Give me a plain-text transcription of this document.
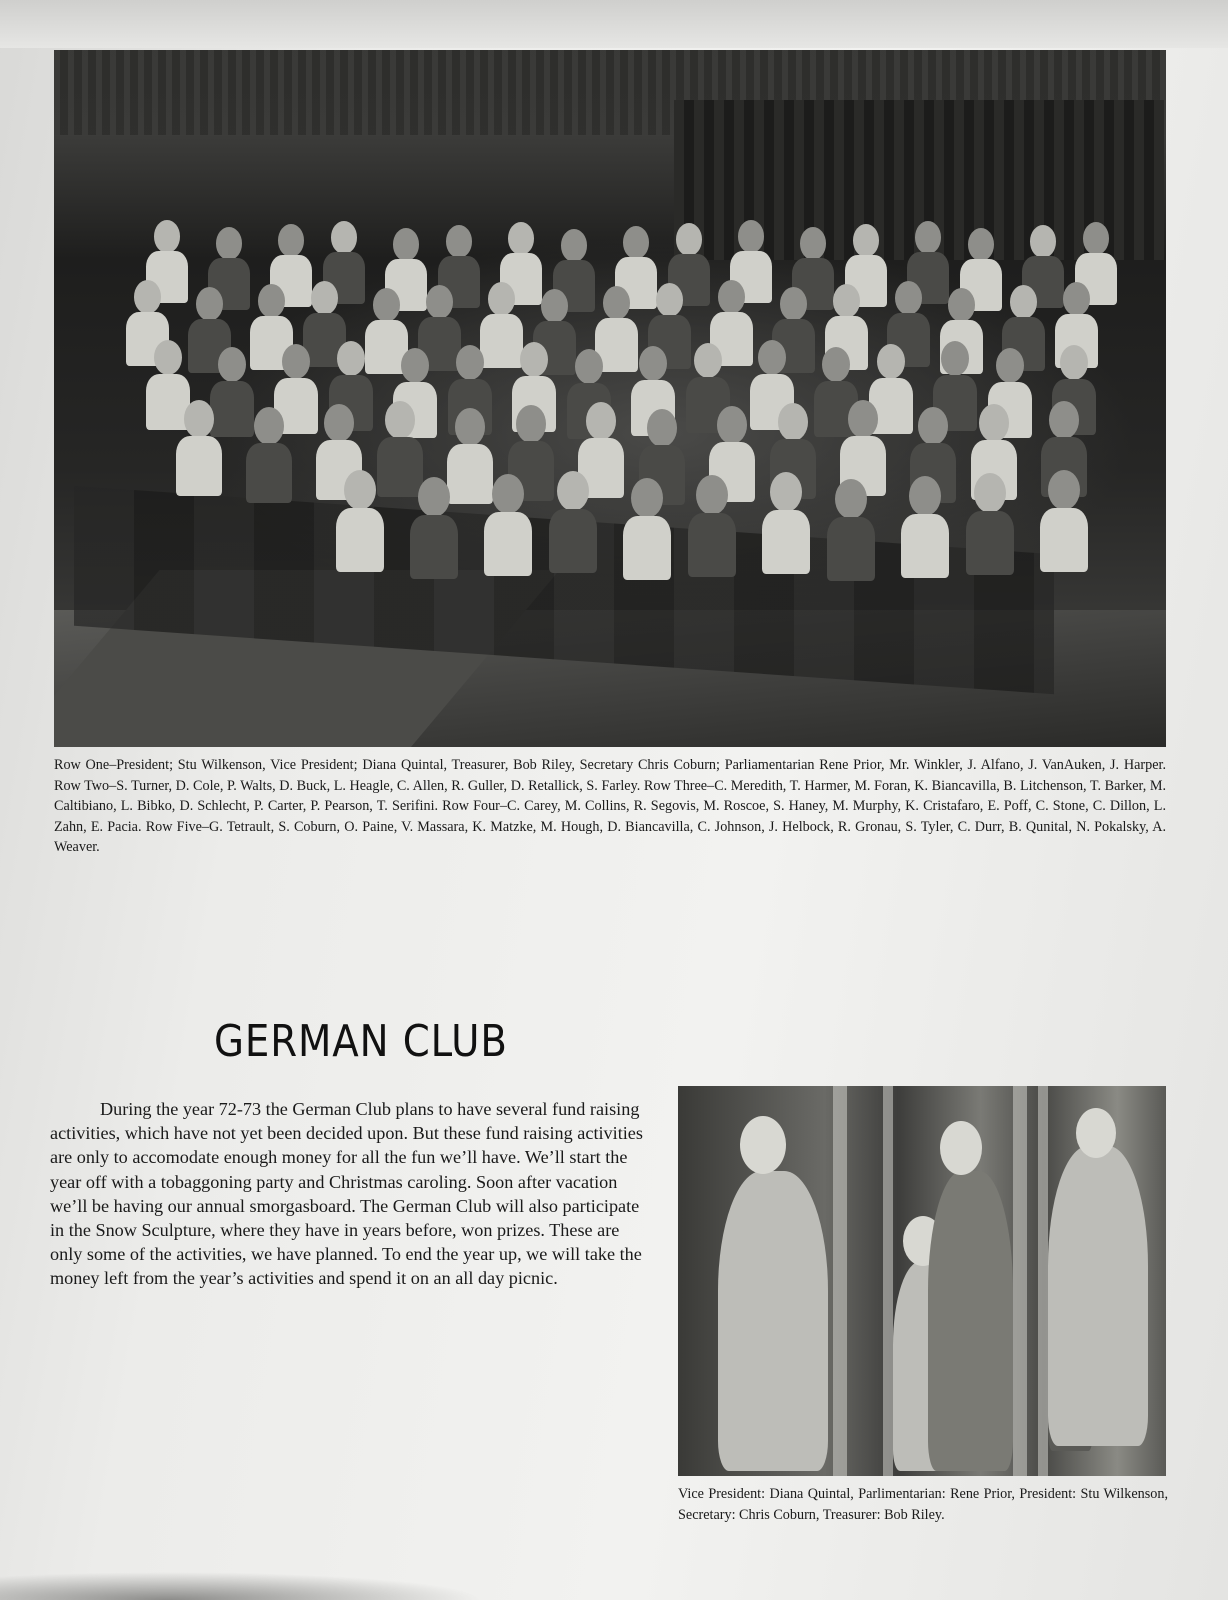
Row One–President; Stu Wilkenson, Vice President; Diana Quintal, Treasurer, Bob Riley, Secretary Chris Coburn; Parliamentarian Rene Prior, Mr. Winkler, J. Alfano, J. VanAuken, J. Harper. Row Two–S. Turner, D. Cole, P. Walts, D. Buck, L. Heagle, C. Allen, R. Guller, D. Retallick, S. Farley. Row Three–C. Meredith, T. Harmer, M. Foran, K. Biancavilla, B. Litchenson, T. Barker, M. Caltibiano, L. Bibko, D. Schlecht, P. Carter, P. Pearson, T. Serifini. Row Four–C. Carey, M. Collins, R. Segovis, M. Roscoe, S. Haney, M. Murphy, K. Cristafaro, E. Poff, C. Stone, C. Dillon, L. Zahn, E. Pacia. Row Five–G. Tetrault, S. Coburn, O. Paine, V. Massara, K. Matzke, M. Hough, D. Biancavilla, C. Johnson, J. Helbock, R. Gronau, S. Tyler, C. Durr, B. Qunital, N. Pokalsky, A. Weaver.
GERMAN CLUB
During the year 72-73 the German Club plans to have several fund raising activities, which have not yet been decided upon. But these fund raising activities are only to accomodate enough money for all the fun we’ll have. We’ll start the year off with a tobaggoning party and Christmas caroling. Soon after vacation we’ll be having our annual smorgasboard. The German Club will also participate in the Snow Sculpture, where they have in years before, won prizes. These are only some of the activities, we have planned. To end the year up, we will take the money left from the year’s activities and spend it on an all day picnic.
Vice President: Diana Quintal, Parlimentarian: Rene Prior, President: Stu Wilkenson, Secretary: Chris Coburn, Treasurer: Bob Riley.
